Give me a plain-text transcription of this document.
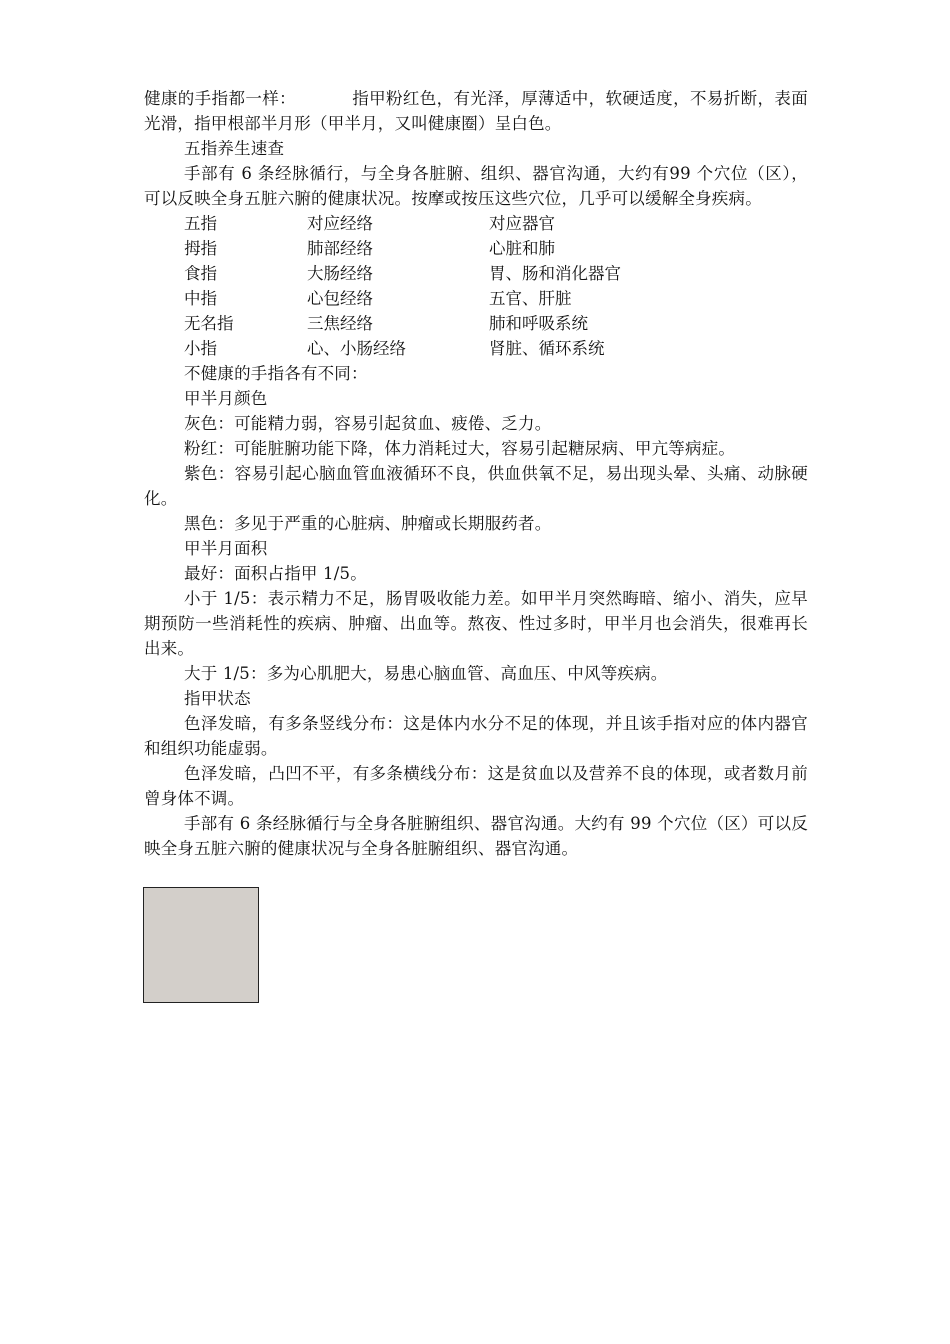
健康的手指都一样：	指甲粉红色，有光泽，厚薄适中，软硬适度，不易折断，表面光滑，指甲根部半月形（甲半月，又叫健康圈）呈白色。

五指养生速查

手部有 6 条经脉循行，与全身各脏腑、组织、器官沟通，大约有99 个穴位（区），可以反映全身五脏六腑的健康状况。按摩或按压这些穴位，几乎可以缓解全身疾病。

五指	对应经络	对应器官
拇指	肺部经络	心脏和肺
食指	大肠经络	胃、肠和消化器官
中指	心包经络	五官、肝脏
无名指	三焦经络	肺和呼吸系统
小指	心、小肠经络	肾脏、循环系统

不健康的手指各有不同：

甲半月颜色

灰色：可能精力弱，容易引起贫血、疲倦、乏力。

粉红：可能脏腑功能下降，体力消耗过大，容易引起糖尿病、甲亢等病症。

紫色：容易引起心脑血管血液循环不良，供血供氧不足，易出现头晕、头痛、动脉硬化。

黑色：多见于严重的心脏病、肿瘤或长期服药者。

甲半月面积

最好：面积占指甲 1/5。

小于 1/5：表示精力不足，肠胃吸收能力差。如甲半月突然晦暗、缩小、消失，应早期预防一些消耗性的疾病、肿瘤、出血等。熬夜、性过多时，甲半月也会消失，很难再长出来。

大于 1/5：多为心肌肥大，易患心脑血管、高血压、中风等疾病。

指甲状态

色泽发暗，有多条竖线分布：这是体内水分不足的体现，并且该手指对应的体内器官和组织功能虚弱。

色泽发暗，凸凹不平，有多条横线分布：这是贫血以及营养不良的体现，或者数月前曾身体不调。

手部有 6 条经脉循行与全身各脏腑组织、器官沟通。大约有 99 个穴位（区）可以反映全身五脏六腑的健康状况与全身各脏腑组织、器官沟通。
